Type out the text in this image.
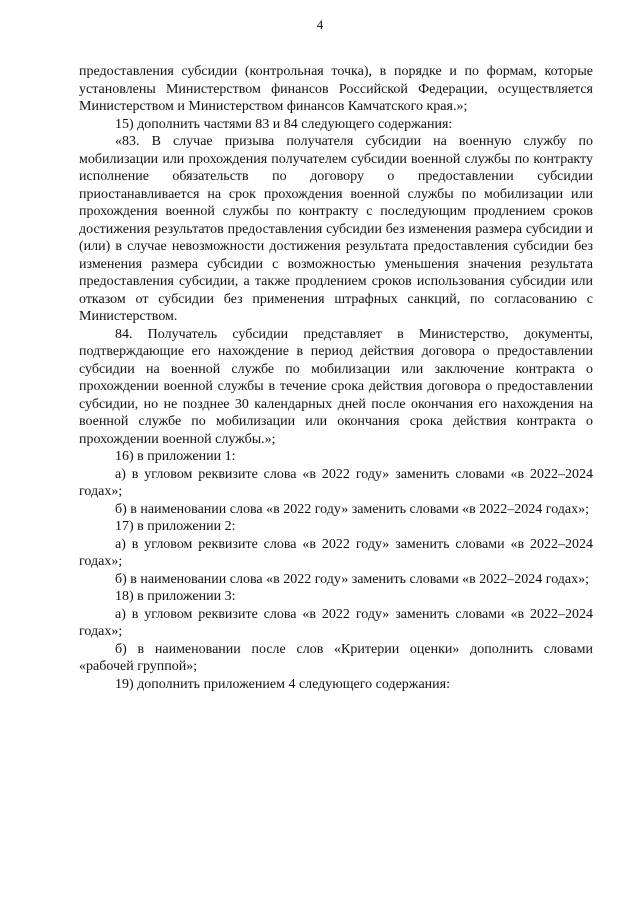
4

предоставления субсидии (контрольная точка), в порядке и по формам, которые установлены Министерством финансов Российской Федерации, осуществляется Министерством и Министерством финансов Камчатского края.»;

15) дополнить частями 83 и 84 следующего содержания:

«83. В случае призыва получателя субсидии на военную службу по мобилизации или прохождения получателем субсидии военной службы по контракту исполнение обязательств по договору о предоставлении субсидии приостанавливается на срок прохождения военной службы по мобилизации или прохождения военной службы по контракту с последующим продлением сроков достижения результатов предоставления субсидии без изменения размера субсидии и (или) в случае невозможности достижения результата предоставления субсидии без изменения размера субсидии с возможностью уменьшения значения результата предоставления субсидии, а также продлением сроков использования субсидии или отказом от субсидии без применения штрафных санкций, по согласованию с Министерством.

84. Получатель субсидии представляет в Министерство, документы, подтверждающие его нахождение в период действия договора о предоставлении субсидии на военной службе по мобилизации или заключение контракта о прохождении военной службы в течение срока действия договора о предоставлении субсидии, но не позднее 30 календарных дней после окончания его нахождения на военной службе по мобилизации или окончания срока действия контракта о прохождении военной службы.»;

16) в приложении 1:

а) в угловом реквизите слова «в 2022 году» заменить словами «в 2022–2024 годах»;

б) в наименовании слова «в 2022 году» заменить словами «в 2022–2024 годах»;

17) в приложении 2:

а) в угловом реквизите слова «в 2022 году» заменить словами «в 2022–2024 годах»;

б) в наименовании слова «в 2022 году» заменить словами «в 2022–2024 годах»;

18) в приложении 3:

а) в угловом реквизите слова «в 2022 году» заменить словами «в 2022–2024 годах»;

б) в наименовании после слов «Критерии оценки» дополнить словами «рабочей группой»;

19) дополнить приложением 4 следующего содержания:
